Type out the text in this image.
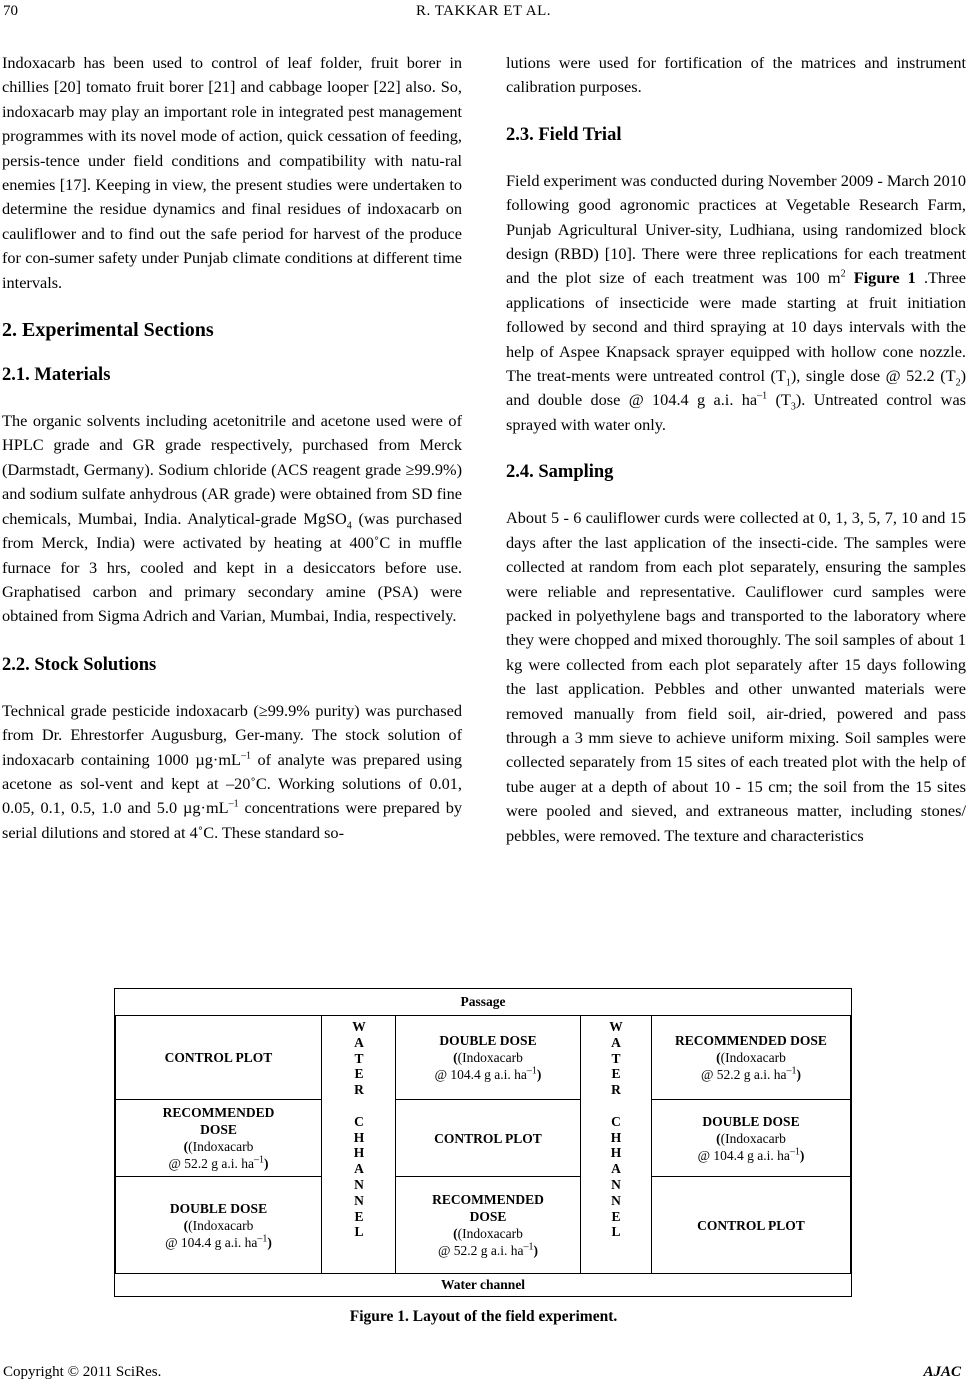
70	R. TAKKAR ET AL.

Indoxacarb has been used to control of leaf folder, fruit borer in chillies [20] tomato fruit borer [21] and cabbage looper [22] also. So, indoxacarb may play an important role in integrated pest management programmes with its novel mode of action, quick cessation of feeding, persis-tence under field conditions and compatibility with natu-ral enemies [17]. Keeping in view, the present studies were undertaken to determine the residue dynamics and final residues of indoxacarb on cauliflower and to find out the safe period for harvest of the produce for con-sumer safety under Punjab climate conditions at different time intervals.

2. Experimental Sections
2.1. Materials

The organic solvents including acetonitrile and acetone used were of HPLC grade and GR grade respectively, purchased from Merck (Darmstadt, Germany). Sodium chloride (ACS reagent grade ≥99.9%) and sodium sulfate anhydrous (AR grade) were obtained from SD fine chemicals, Mumbai, India. Analytical-grade MgSO$_4$ (was purchased from Merck, India) were activated by heating at 400˚C in muffle furnace for 3 hrs, cooled and kept in a desiccators before use. Graphatised carbon and primary secondary amine (PSA) were obtained from Sigma Adrich and Varian, Mumbai, India, respectively.

2.2. Stock Solutions

Technical grade pesticide indoxacarb (≥99.9% purity) was purchased from Dr. Ehrestorfer Augusburg, Ger-many. The stock solution of indoxacarb containing 1000 $\mu g\cdot mL^{-1}$ of analyte was prepared using acetone as sol-vent and kept at –20˚C. Working solutions of 0.01, 0.05, 0.1, 0.5, 1.0 and 5.0 $\mu g\cdot mL^{-1}$ concentrations were prepared by serial dilutions and stored at 4˚C. These standard so-

lutions were used for fortification of the matrices and instrument calibration purposes.

2.3. Field Trial

Field experiment was conducted during November 2009 - March 2010 following good agronomic practices at Vegetable Research Farm, Punjab Agricultural Univer-sity, Ludhiana, using randomized block design (RBD) [10]. There were three replications for each treatment and the plot size of each treatment was 100 $m^2$ Figure 1 .Three applications of insecticide were made starting at fruit initiation followed by second and third spraying at 10 days intervals with the help of Aspee Knapsack sprayer equipped with hollow cone nozzle. The treat-ments were untreated control $(T_1)$, single dose @ 52.2 $(T_2)$ and double dose @ 104.4 g a.i. $ha^{-1}$ $(T_3)$. Untreated control was sprayed with water only.

2.4. Sampling

About 5 - 6 cauliflower curds were collected at 0, 1, 3, 5, 7, 10 and 15 days after the last application of the insecti-cide. The samples were collected at random from each plot separately, ensuring the samples were reliable and representative. Cauliflower curd samples were packed in polyethylene bags and transported to the laboratory where they were chopped and mixed thoroughly. The soil samples of about 1 kg were collected from each plot separately after 15 days following the last application. Pebbles and other unwanted materials were removed manually from field soil, air-dried, powered and pass through a 3 mm sieve to achieve uniform mixing. Soil samples were collected separately from 15 sites of each treated plot with the help of tube auger at a depth of about 10 - 15 cm; the soil from the 15 sites were pooled and sieved, and extraneous matter, including stones/ pebbles, were removed. The texture and characteristics

Passage
CONTROL PLOT
RECOMMENDED
DOSE
((Indoxacarb
@ 52.2 g a.i. $ha^{-1}$)
DOUBLE DOSE
((Indoxacarb
@ 104.4 g a.i. $ha^{-1}$)
W
A
T
E
R

C
H
H
A
N
N
E
L
DOUBLE DOSE
((Indoxacarb
@ 104.4 g a.i. $ha^{-1}$)
CONTROL PLOT
RECOMMENDED
DOSE
((Indoxacarb
@ 52.2 g a.i. $ha^{-1}$)
W
A
T
E
R

C
H
H
A
N
N
E
L
RECOMMENDED DOSE
((Indoxacarb
@ 52.2 g a.i. $ha^{-1}$)
DOUBLE DOSE
((Indoxacarb
@ 104.4 g a.i. $ha^{-1}$)
CONTROL PLOT
Water channel
Figure 1. Layout of the field experiment.
Copyright © 2011 SciRes.	AJAC
